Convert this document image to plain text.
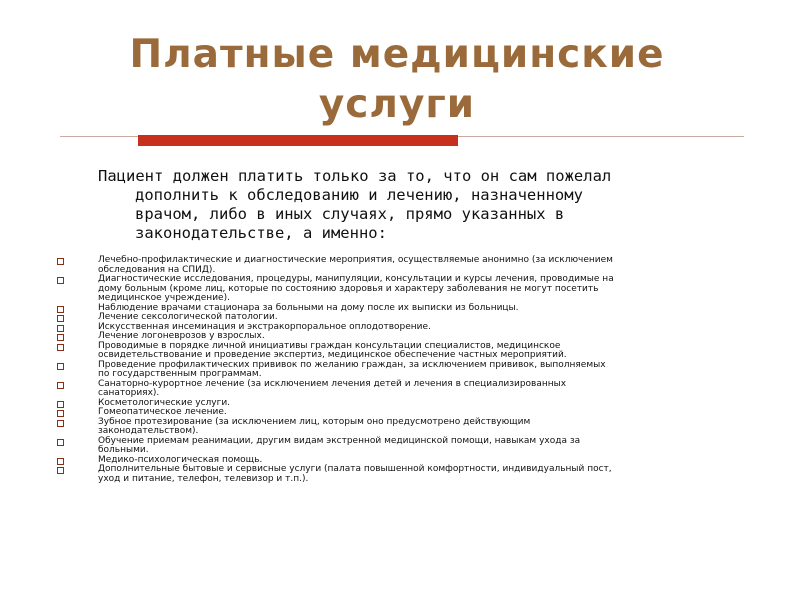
Платные медицинские
услуги
Пациент должен платить только за то, что он сам пожелал
дополнить к обследованию и лечению, назначенному
врачом, либо в иных случаях, прямо указанных в
законодательстве, а именно:
Лечебно-профилактические и диагностические мероприятия, осуществляемые анонимно (за исключением
обследования на СПИД).
Диагностические исследования, процедуры, манипуляции, консультации и курсы лечения, проводимые на
дому больным (кроме лиц, которые по состоянию здоровья и характеру заболевания не могут посетить
медицинское учреждение).
Наблюдение врачами стационара за больными на дому после их выписки из больницы.
Лечение сексологической патологии.
Искусственная инсеминация и экстракорпоральное оплодотворение.
Лечение логоневрозов у взрослых.
Проводимые в порядке личной инициативы граждан консультации специалистов, медицинское
освидетельствование и проведение экспертиз, медицинское обеспечение частных мероприятий.
Проведение профилактических прививок по желанию граждан, за исключением прививок, выполняемых
по государственным программам.
Санаторно-курортное лечение (за исключением лечения детей и лечения в специализированных
санаториях).
Косметологические услуги.
Гомеопатическое лечение.
Зубное протезирование (за исключением лиц, которым оно предусмотрено действующим
законодательством).
Обучение приемам реанимации, другим видам экстренной медицинской помощи, навыкам ухода за
больными.
Медико-психологическая помощь.
Дополнительные бытовые и сервисные услуги (палата повышенной комфортности, индивидуальный пост,
уход и питание, телефон, телевизор и т.п.).
